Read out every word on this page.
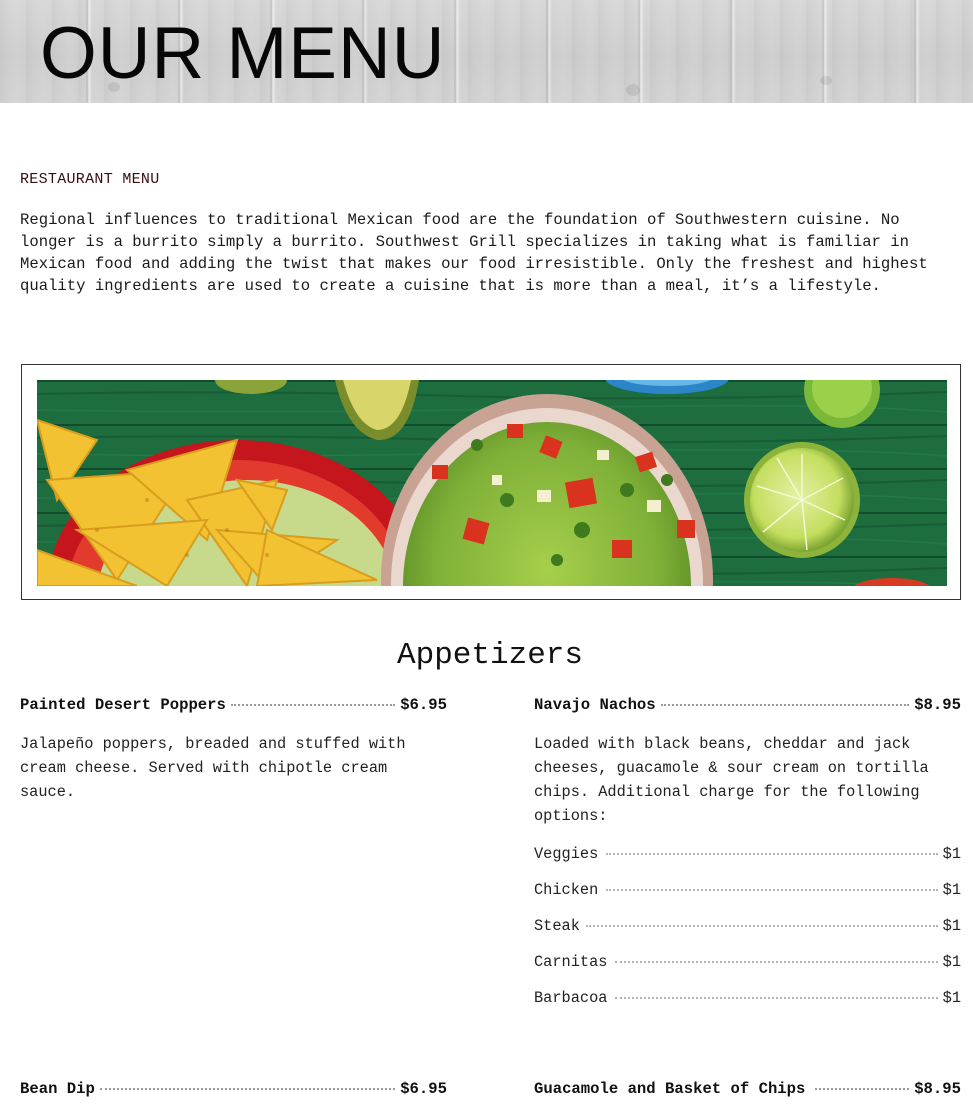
OUR MENU

RESTAURANT MENU

Regional influences to traditional Mexican food are the foundation of Southwestern cuisine. No longer is a burrito simply a burrito. Southwest Grill specializes in taking what is familiar in Mexican food and adding the twist that makes our food irresistible. Only the freshest and highest quality ingredients are used to create a cuisine that is more than a meal, it’s a lifestyle.

Appetizers
Painted Desert Poppers	$6.95

Jalapeño poppers, breaded and stuffed with cream cheese. Served with chipotle cream sauce.

Navajo Nachos	$8.95

Loaded with black beans, cheddar and jack cheeses, guacamole & sour cream on tortilla chips. Additional charge for the following options:

Veggies	$1
Chicken	$1
Steak	$1
Carnitas	$1
Barbacoa	$1
Bean Dip	$6.95	Guacamole and Basket of Chips	$8.95
